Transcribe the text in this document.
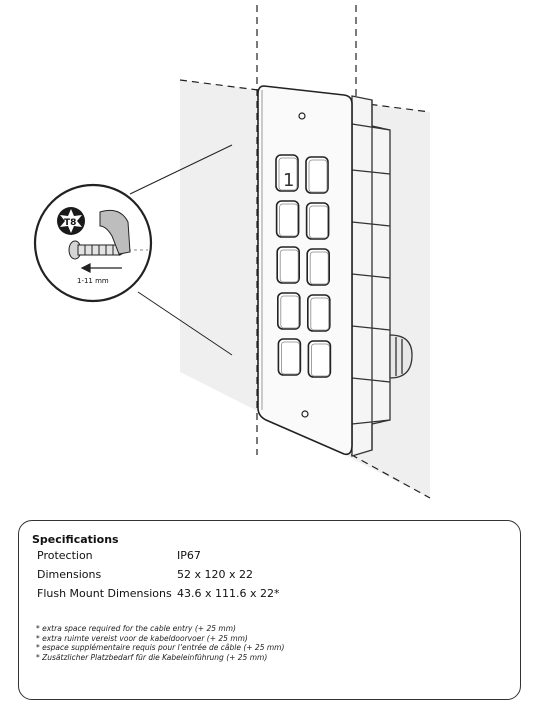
1
T8
1-11 mm
Specifications
Protection	IP67
Dimensions	52 x 120 x 22
Flush Mount Dimensions 43.6 x 111.6 x 22*
* extra space required for the cable entry (+ 25 mm)
* extra ruimte vereist voor de kabeldoorvoer (+ 25 mm)
* espace supplémentaire requis pour l’entrée de câble (+ 25 mm)
* Zusätzlicher Platzbedarf für die Kabeleinführung (+ 25 mm)
